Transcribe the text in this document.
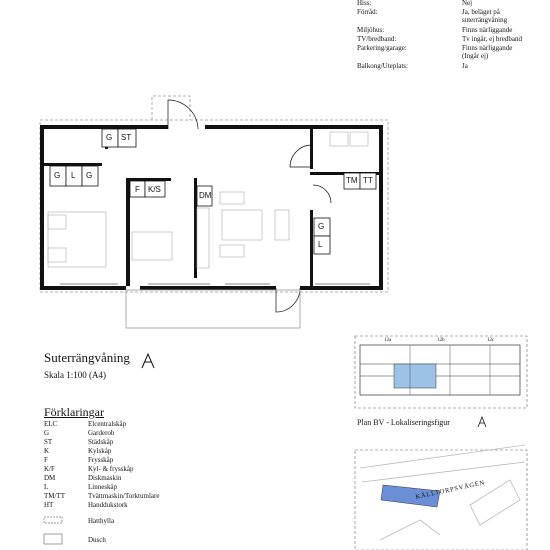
Hiss:	Nej
Förråd:	Ja, beläget på suterrängvåning
Miljöhus:	Finns närliggande
TV/bredband:	Tv ingår, ej bredband
Parkering/garage:	Finns närliggande (Ingår ej)
Balkong/Uteplats:	Ja
G ST
G L G
F K/S
DM
TM TT
G
L
Suterrängvåning
Skala 1:100 (A4)
Förklaringar
ELC	Elcentralskåp
G	Garderob
ST	Städskåp
K	Kylskåp
F	Frysskåp
K/F	Kyl- & frysskåp
DM	Diskmaskin
L	Linneskåp
TM/TT	Tvättmaskin/Torktumlare
HT	Handdukstork
Hatthylla
Dusch
12a	12b	12c
Plan BV - Lokaliseringsfigur
KÄLLTORPSVÄGEN
